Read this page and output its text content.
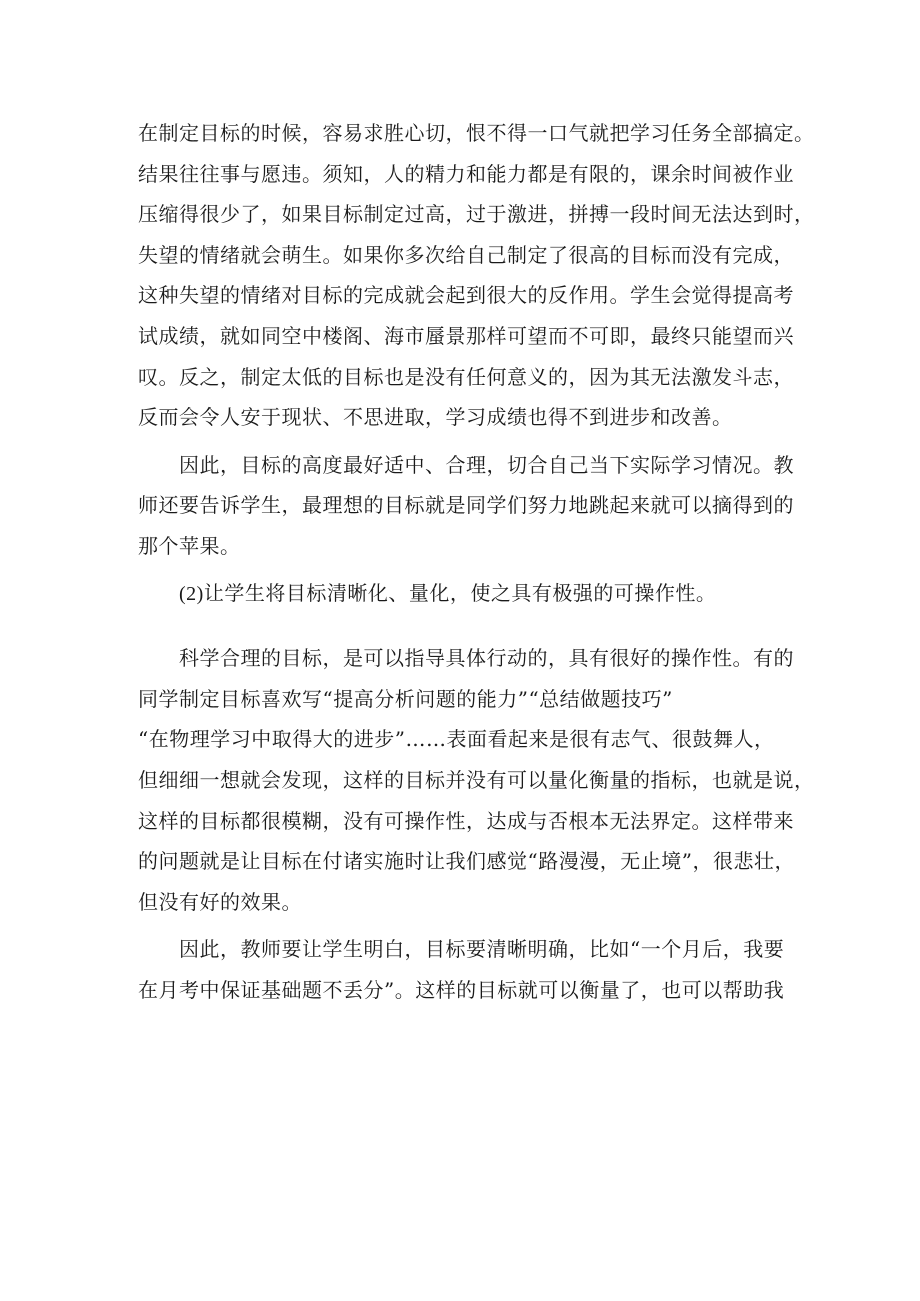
在制定目标的时候，容易求胜心切，恨不得一口气就把学习任务全部搞定。
结果往往事与愿违。须知，人的精力和能力都是有限的，课余时间被作业
压缩得很少了，如果目标制定过高，过于激进，拼搏一段时间无法达到时，
失望的情绪就会萌生。如果你多次给自己制定了很高的目标而没有完成，
这种失望的情绪对目标的完成就会起到很大的反作用。学生会觉得提高考
试成绩，就如同空中楼阁、海市蜃景那样可望而不可即，最终只能望而兴
叹。反之，制定太低的目标也是没有任何意义的，因为其无法激发斗志，
反而会令人安于现状、不思进取，学习成绩也得不到进步和改善。
因此，目标的高度最好适中、合理，切合自己当下实际学习情况。教
师还要告诉学生，最理想的目标就是同学们努力地跳起来就可以摘得到的
那个苹果。
(2)让学生将目标清晰化、量化，使之具有极强的可操作性。
科学合理的目标，是可以指导具体行动的，具有很好的操作性。有的
同学制定目标喜欢写“提高分析问题的能力”“总结做题技巧”
“在物理学习中取得大的进步”……表面看起来是很有志气、很鼓舞人，
但细细一想就会发现，这样的目标并没有可以量化衡量的指标，也就是说，
这样的目标都很模糊，没有可操作性，达成与否根本无法界定。这样带来
的问题就是让目标在付诸实施时让我们感觉“路漫漫，无止境”，很悲壮，
但没有好的效果。
因此，教师要让学生明白，目标要清晰明确，比如“一个月后，我要
在月考中保证基础题不丢分”。这样的目标就可以衡量了，也可以帮助我
